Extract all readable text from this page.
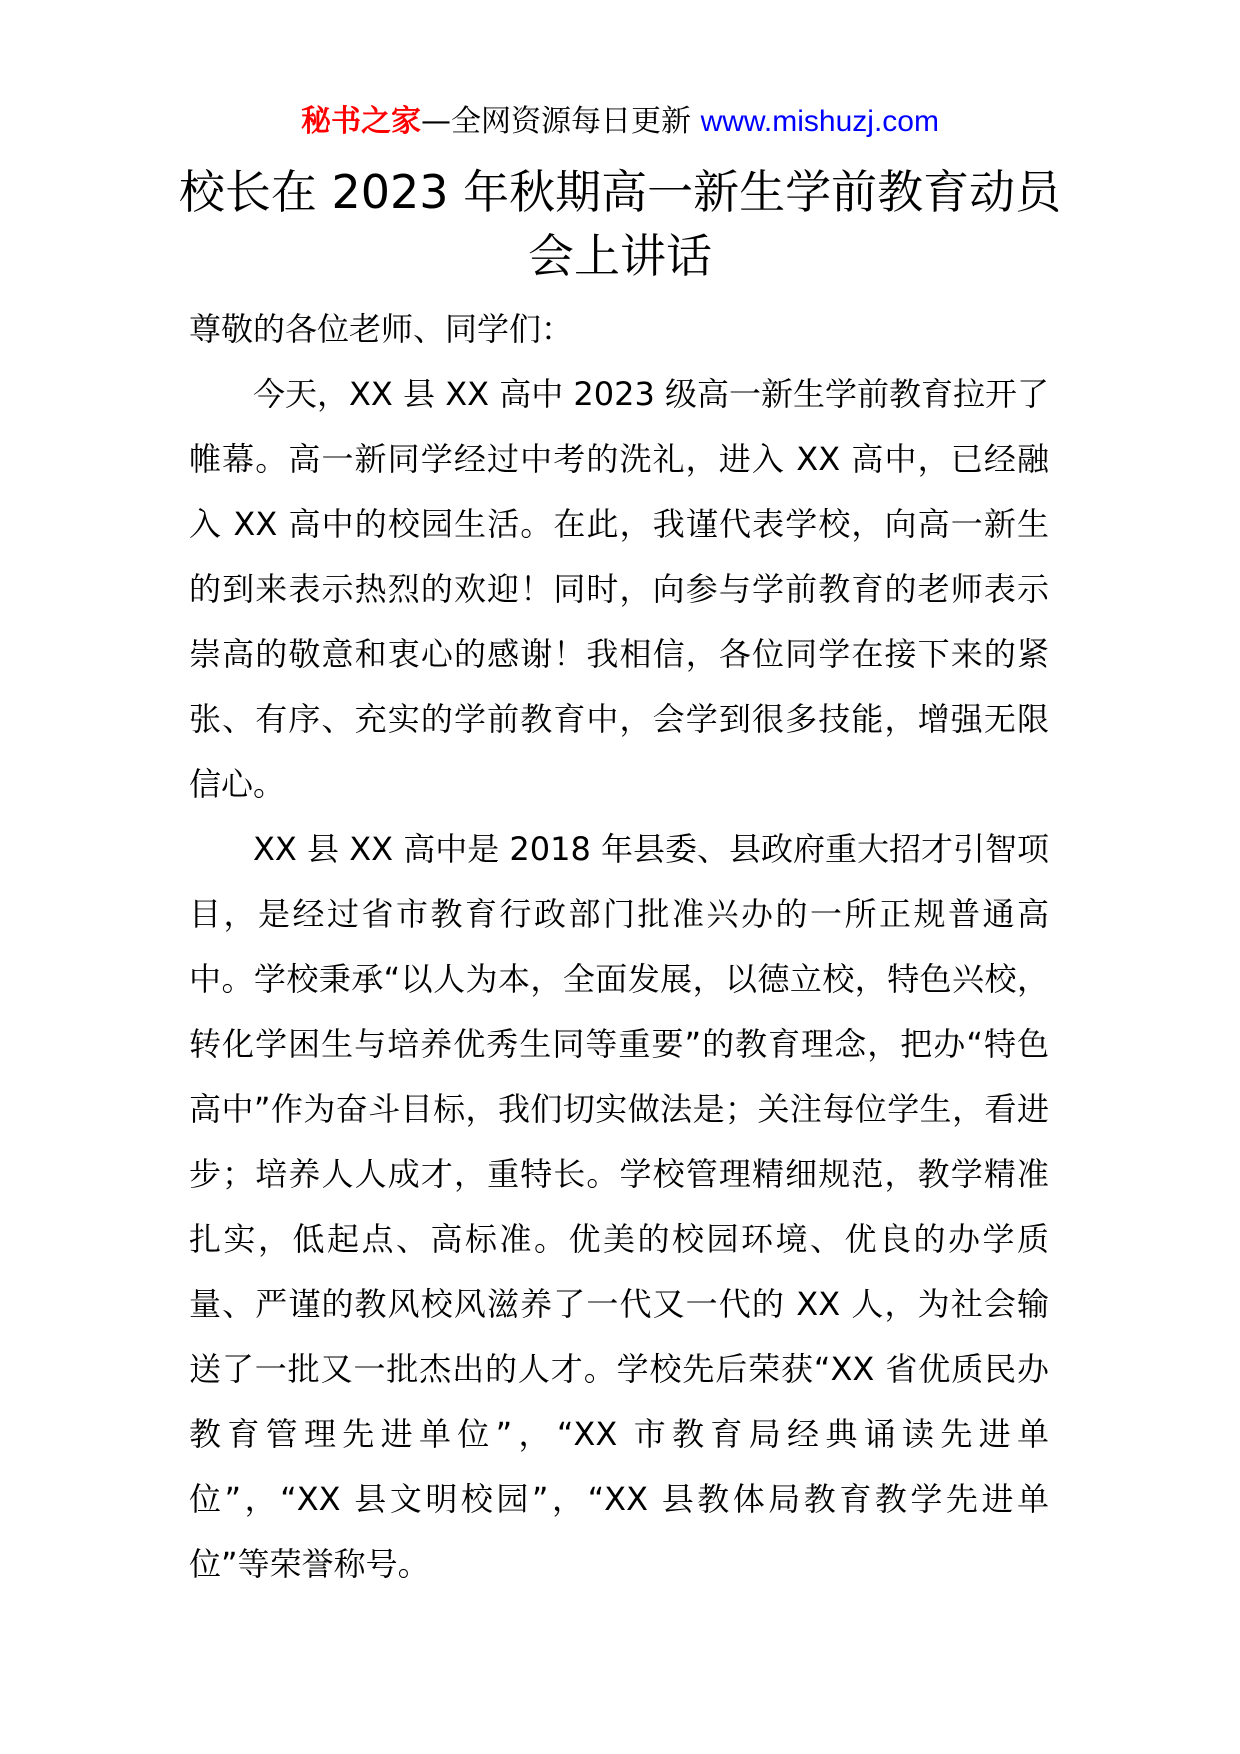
秘书之家—全网资源每日更新 www.mishuzj.com
校长在 2023 年秋期高一新生学前教育动员会上讲话

尊敬的各位老师、同学们：

今天，XX 县 XX 高中 2023 级高一新生学前教育拉开了帷幕。高一新同学经过中考的洗礼，进入 XX 高中，已经融入 XX 高中的校园生活。在此，我谨代表学校，向高一新生的到来表示热烈的欢迎！同时，向参与学前教育的老师表示崇高的敬意和衷心的感谢！我相信，各位同学在接下来的紧张、有序、充实的学前教育中，会学到很多技能，增强无限信心。

XX 县 XX 高中是 2018 年县委、县政府重大招才引智项目，是经过省市教育行政部门批准兴办的一所正规普通高中。学校秉承“以人为本，全面发展，以德立校，特色兴校，转化学困生与培养优秀生同等重要”的教育理念，把办“特色高中”作为奋斗目标，我们切实做法是；关注每位学生，看进步；培养人人成才，重特长。学校管理精细规范，教学精准扎实，低起点、高标准。优美的校园环境、优良的办学质量、严谨的教风校风滋养了一代又一代的 XX 人，为社会输送了一批又一批杰出的人才。学校先后荣获“XX 省优质民办教育管理先进单位”，“XX 市教育局经典诵读先进单位”，“XX 县文明校园”，“XX 县教体局教育教学先进单位”等荣誉称号。
